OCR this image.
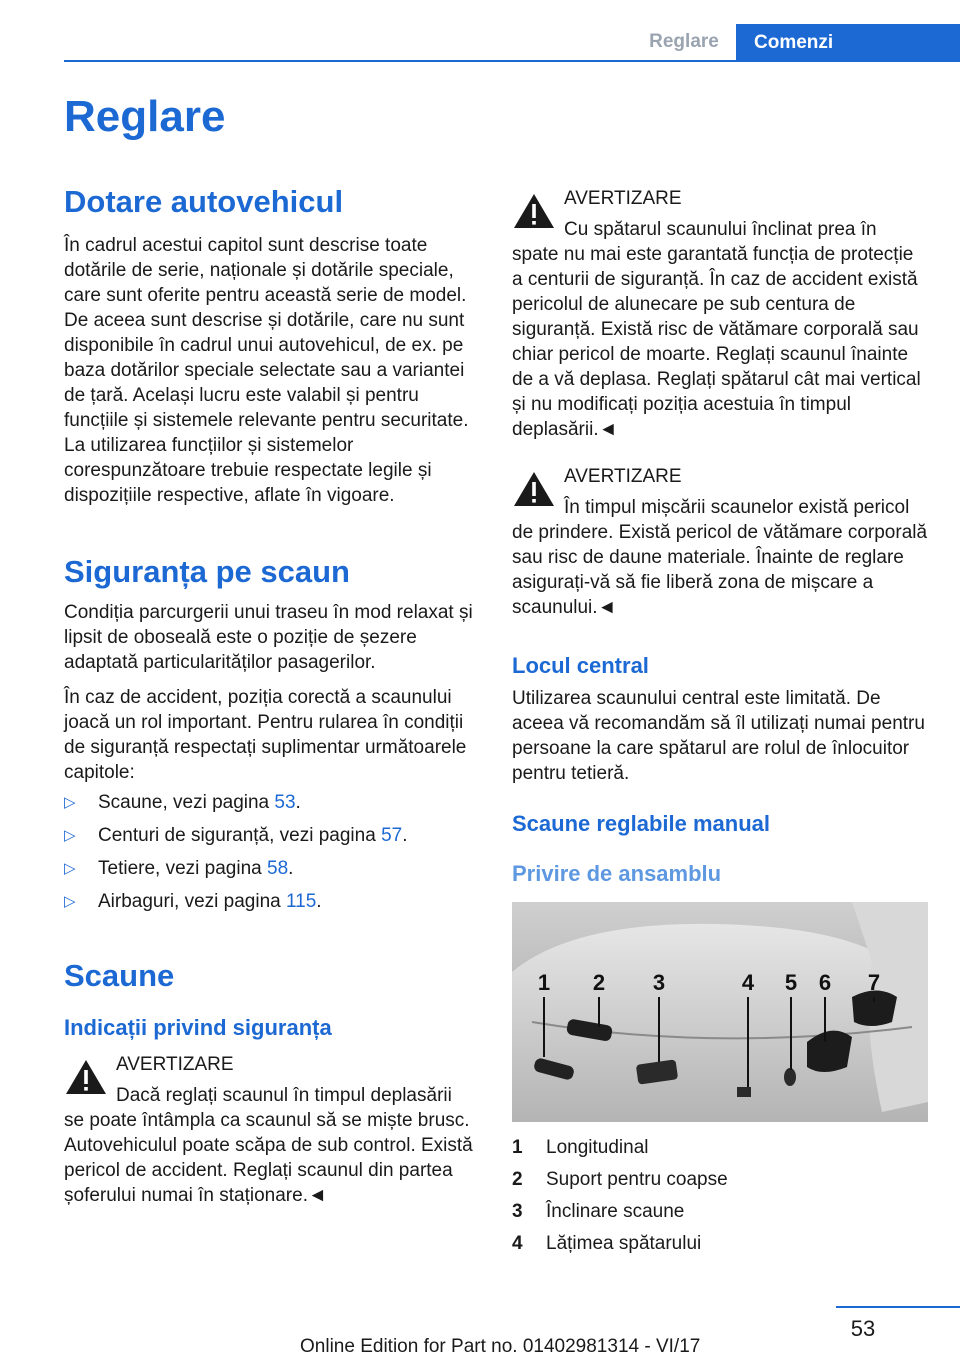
Reglare	Comenzi
Reglare
Dotare autovehicul

În cadrul acestui capitol sunt descrise toate dotările de serie, naționale și dotările speciale, care sunt oferite pentru această serie de model. De aceea sunt descrise și dotările, care nu sunt disponibile în cadrul unui autovehicul, de ex. pe baza dotărilor speciale selectate sau a variantei de țară. Același lucru este valabil și pentru funcțiile și sistemele relevante pentru securitate. La utilizarea funcțiilor și sistemelor corespunzătoare trebuie respectate legile și dispozițiile respective, aflate în vigoare.

Siguranța pe scaun

Condiția parcurgerii unui traseu în mod relaxat și lipsit de oboseală este o poziție de șezere adaptată particularităților pasagerilor.

În caz de accident, poziția corectă a scaunului joacă un rol important. Pentru rularea în condiții de siguranță respectați suplimentar următoarele capitole:

▷ Scaune, vezi pagina 53.
▷ Centuri de siguranță, vezi pagina 57.
▷ Tetiere, vezi pagina 58.
▷ Airbaguri, vezi pagina 115.
Scaune
Indicații privind siguranța
AVERTIZARE
Dacă reglați scaunul în timpul deplasării

se poate întâmpla ca scaunul să se miște brusc. Autovehiculul poate scăpa de sub control. Există pericol de accident. Reglați scaunul din partea șoferului numai în staționare.◄

AVERTIZARE
Cu spătarul scaunului înclinat prea în

spate nu mai este garantată funcția de protecție a centurii de siguranță. În caz de accident există pericolul de alunecare pe sub centura de siguranță. Există risc de vătămare corporală sau chiar pericol de moarte. Reglați scaunul înainte de a vă deplasa. Reglați spătarul cât mai vertical și nu modificați poziția acestuia în timpul deplasării.◄

AVERTIZARE
În timpul mișcării scaunelor există pericol

de prindere. Există pericol de vătămare corporală sau risc de daune materiale. Înainte de reglare asigurați-vă să fie liberă zona de mișcare a scaunului.◄

Locul central

Utilizarea scaunului central este limitată. De aceea vă recomandăm să îl utilizați numai pentru persoane la care spătarul are rolul de înlocuitor pentru tetieră.

Scaune reglabile manual
Privire de ansamblu
1 2 3	4 5 6 7
1 Longitudinal
2 Suport pentru coapse
3 Înclinare scaune
4 Lățimea spătarului
53
Online Edition for Part no. 01402981314 - VI/17
